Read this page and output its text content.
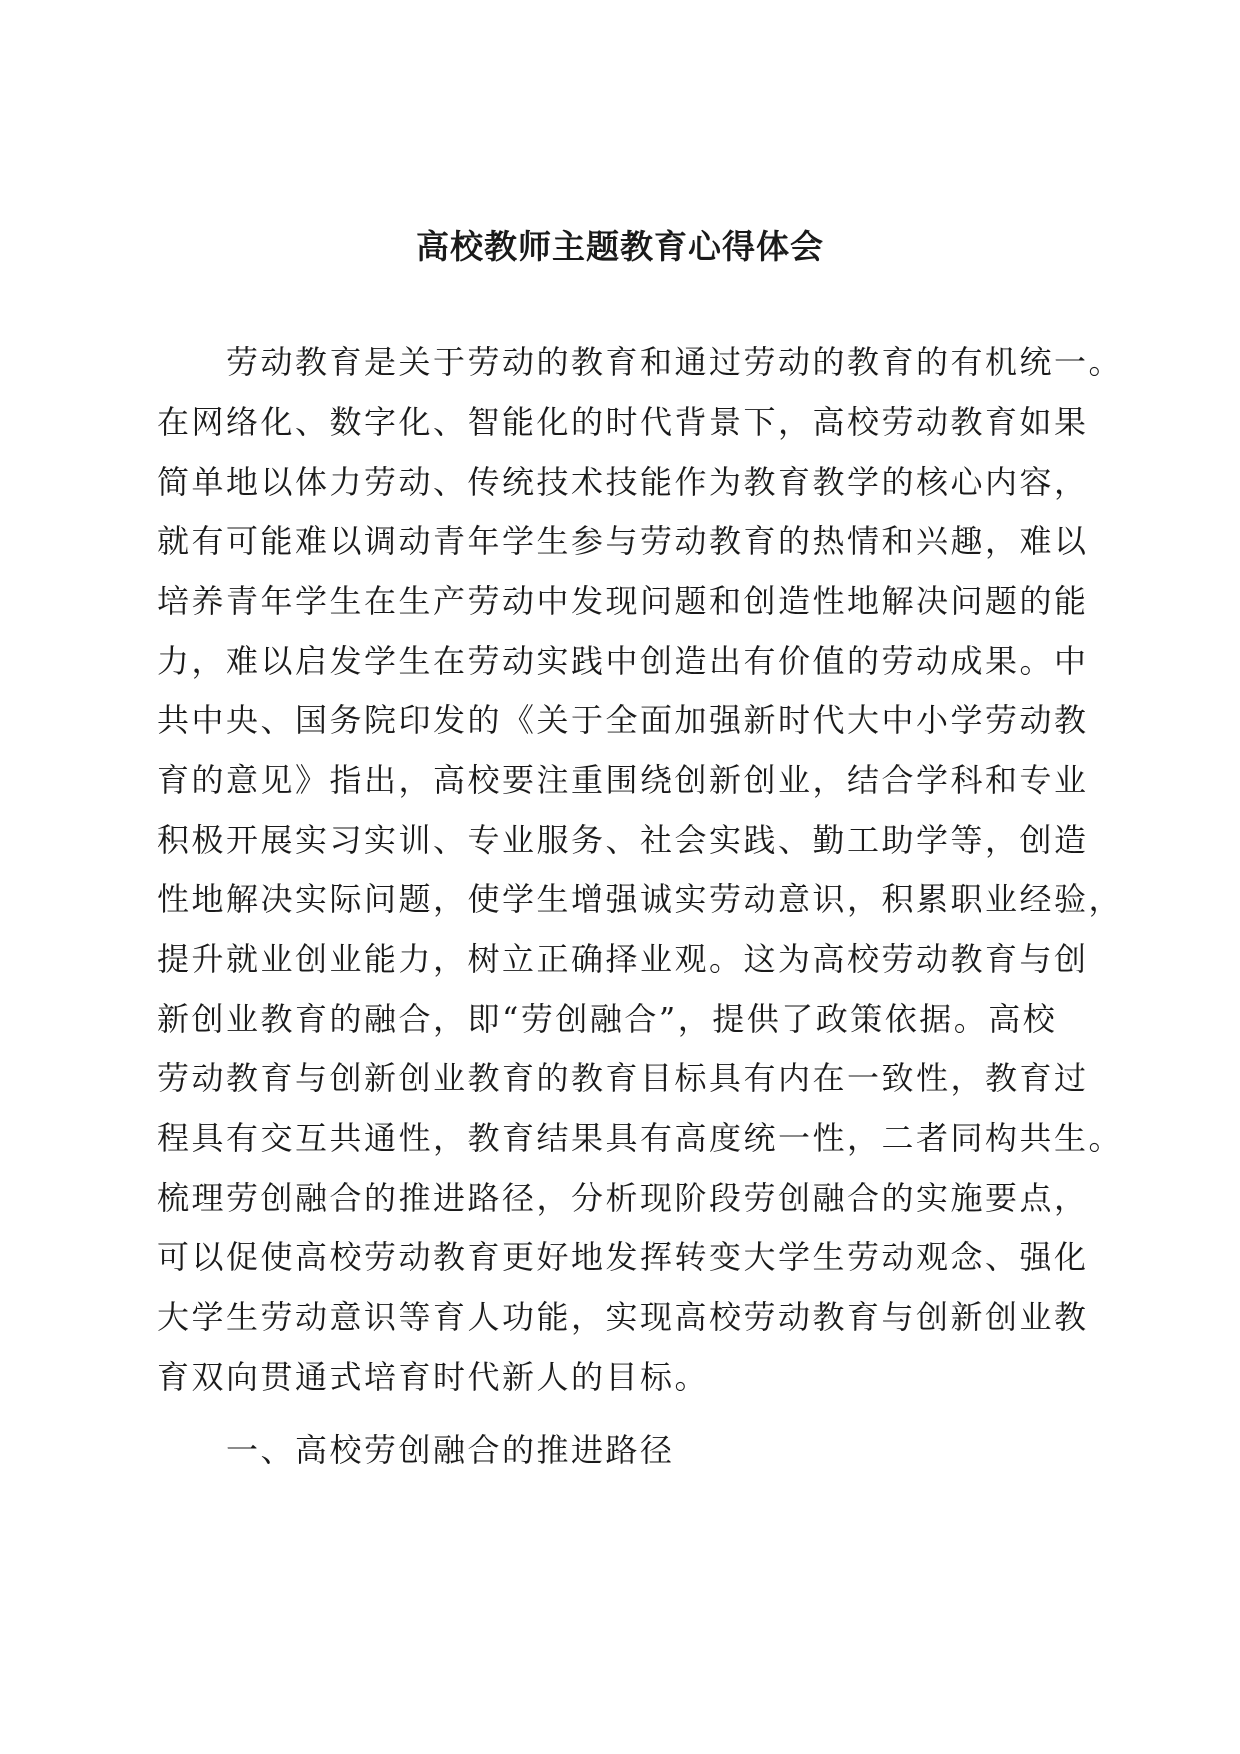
高校教师主题教育心得体会
　　劳动教育是关于劳动的教育和通过劳动的教育的有机统一。
在网络化、数字化、智能化的时代背景下，高校劳动教育如果
简单地以体力劳动、传统技术技能作为教育教学的核心内容，
就有可能难以调动青年学生参与劳动教育的热情和兴趣，难以
培养青年学生在生产劳动中发现问题和创造性地解决问题的能
力，难以启发学生在劳动实践中创造出有价值的劳动成果。中
共中央、国务院印发的《关于全面加强新时代大中小学劳动教
育的意见》指出，高校要注重围绕创新创业，结合学科和专业
积极开展实习实训、专业服务、社会实践、勤工助学等，创造
性地解决实际问题，使学生增强诚实劳动意识，积累职业经验，
提升就业创业能力，树立正确择业观。这为高校劳动教育与创
新创业教育的融合，即“劳创融合”，提供了政策依据。高校
劳动教育与创新创业教育的教育目标具有内在一致性，教育过
程具有交互共通性，教育结果具有高度统一性，二者同构共生。
梳理劳创融合的推进路径，分析现阶段劳创融合的实施要点，
可以促使高校劳动教育更好地发挥转变大学生劳动观念、强化
大学生劳动意识等育人功能，实现高校劳动教育与创新创业教
育双向贯通式培育时代新人的目标。
　　一、高校劳创融合的推进路径
